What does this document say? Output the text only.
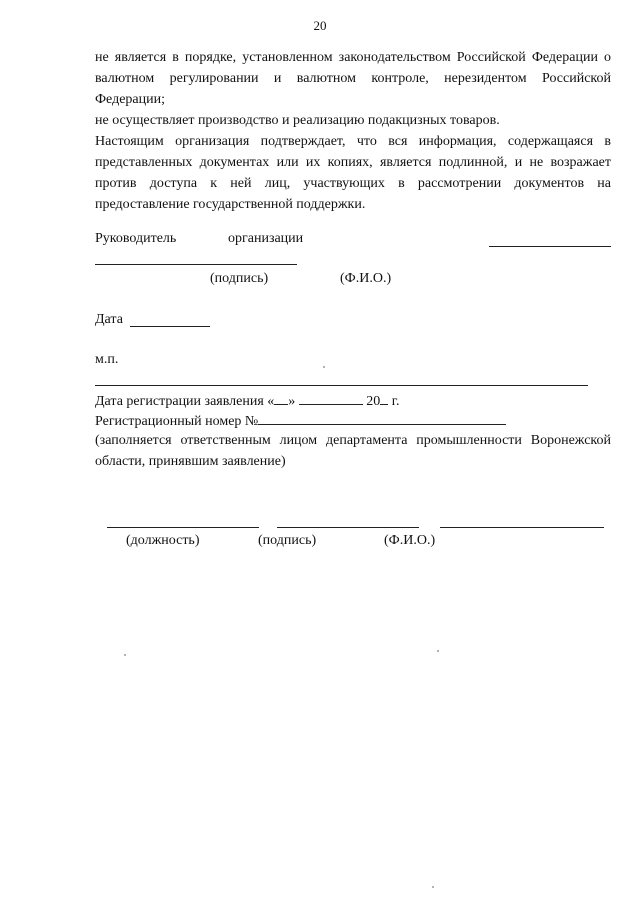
20
не является в порядке, установленном законодательством Российской Федерации о валютном регулировании и валютном контроле, нерезидентом Российской Федерации;
не осуществляет производство и реализацию подакцизных товаров.
Настоящим организация подтверждает, что вся информация, содержащаяся в представленных документах или их копиях, является подлинной, и не возражает против доступа к ней лиц, участвующих в рассмотрении документов на предоставление государственной поддержки.
Руководитель	организации
(подпись)	(Ф.И.О.)
Дата
м.п.
Дата регистрации заявления « »	20 г.
Регистрационный номер №
(заполняется ответственным лицом департамента промышленности Воронежской области, принявшим заявление)
(должность)	(подпись)	(Ф.И.О.)
